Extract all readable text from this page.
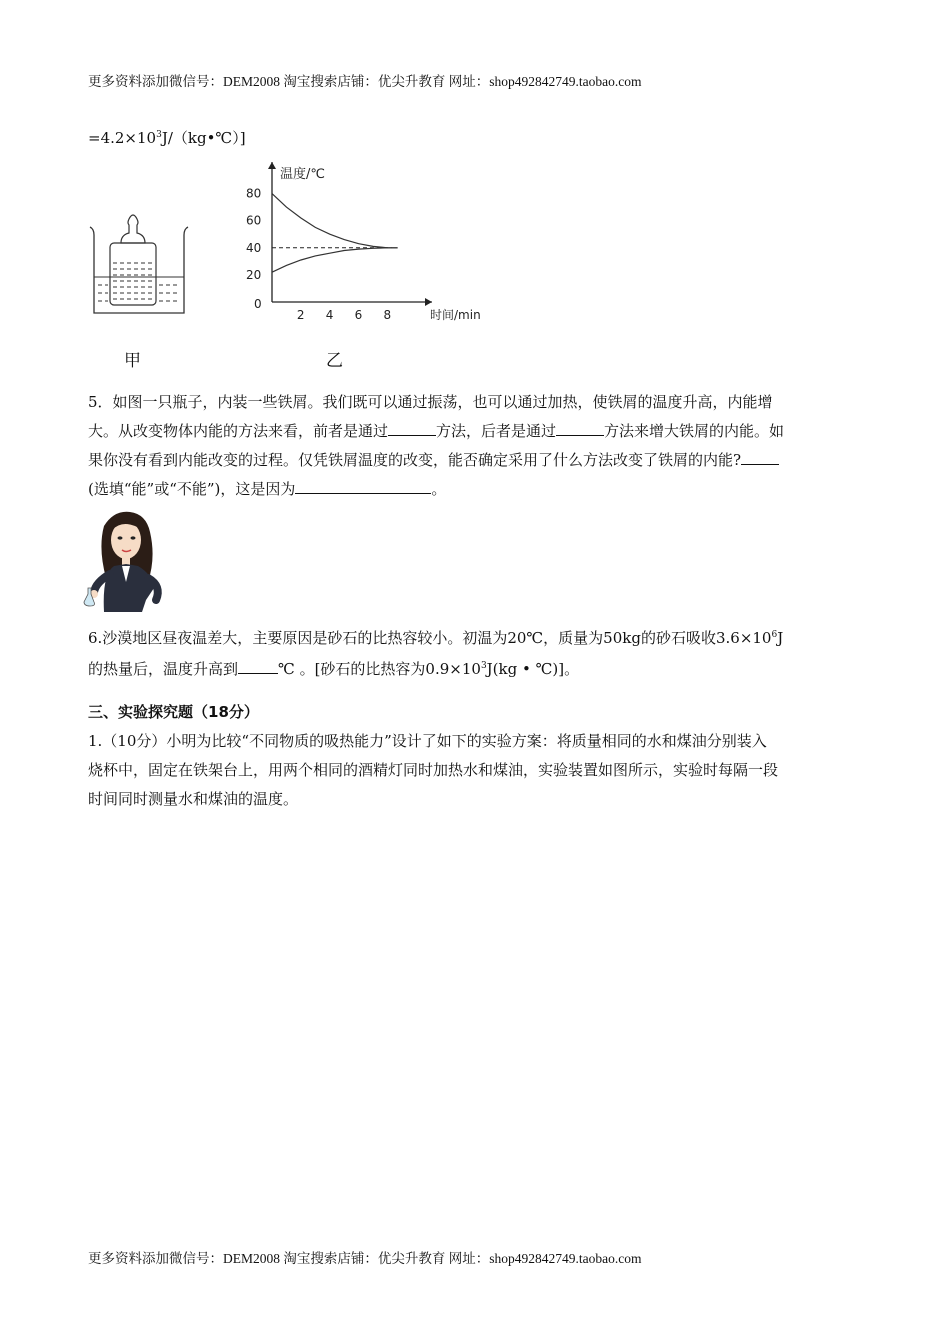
更多资料添加微信号：DEM2008 淘宝搜索店铺：优尖升教育 网址：shop492842749.taobao.com
$=4.2\times 10^3J/(kg•℃)$]
甲
温度/℃
时间/min
0
20
40
60
80
2 4 6 8
乙
5．如图一只瓶子，内装一些铁屑。我们既可以通过振荡，也可以通过加热，使铁屑的温度升高，内能增
大。从改变物体内能的方法来看，前者是通过	方法，后者是通过	方法来增大铁屑的内能。如
果你没有看到内能改变的过程。仅凭铁屑温度的改变，能否确定采用了什么方法改变了铁屑的内能?
(选填“能”或“不能”)，这是因为	。
6.沙漠地区昼夜温差大，主要原因是砂石的比热容较小。初温为20℃，质量为50kg的砂石吸收$3.6\times 10^6J$
的热量后，温度升高到	℃ 。[砂石的比热容为$0.9\times 10^3J(kg$ • ℃)]。
三、实验探究题（18分）
1.（10分）小明为比较“不同物质的吸热能力”设计了如下的实验方案：将质量相同的水和煤油分别装入
烧杯中，固定在铁架台上，用两个相同的酒精灯同时加热水和煤油，实验装置如图所示，实验时每隔一段
时间同时测量水和煤油的温度。
更多资料添加微信号：DEM2008 淘宝搜索店铺：优尖升教育 网址：shop492842749.taobao.com
